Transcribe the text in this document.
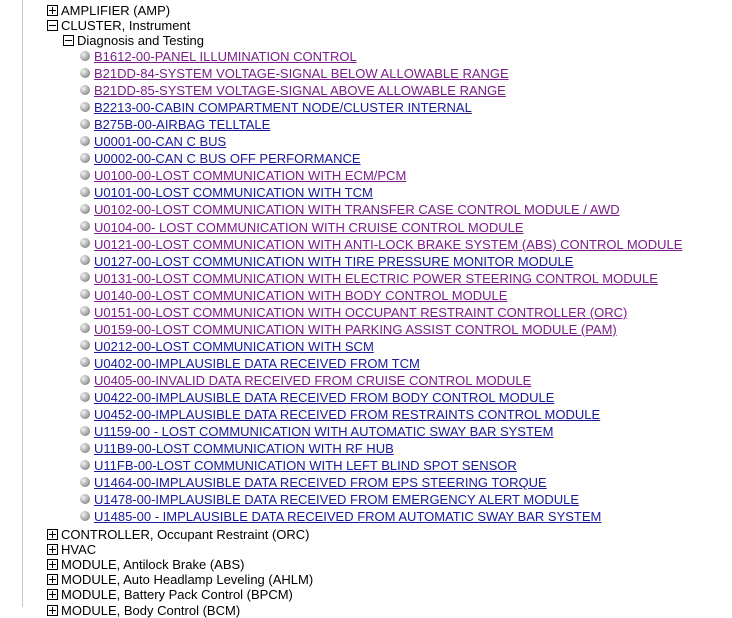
AMPLIFIER (AMP)
CLUSTER, Instrument
Diagnosis and Testing
B1612-00-PANEL ILLUMINATION CONTROL
B21DD-84-SYSTEM VOLTAGE-SIGNAL BELOW ALLOWABLE RANGE
B21DD-85-SYSTEM VOLTAGE-SIGNAL ABOVE ALLOWABLE RANGE
B2213-00-CABIN COMPARTMENT NODE/CLUSTER INTERNAL
B275B-00-AIRBAG TELLTALE
U0001-00-CAN C BUS
U0002-00-CAN C BUS OFF PERFORMANCE
U0100-00-LOST COMMUNICATION WITH ECM/PCM
U0101-00-LOST COMMUNICATION WITH TCM
U0102-00-LOST COMMUNICATION WITH TRANSFER CASE CONTROL MODULE / AWD
U0104-00- LOST COMMUNICATION WITH CRUISE CONTROL MODULE
U0121-00-LOST COMMUNICATION WITH ANTI-LOCK BRAKE SYSTEM (ABS) CONTROL MODULE
U0127-00-LOST COMMUNICATION WITH TIRE PRESSURE MONITOR MODULE
U0131-00-LOST COMMUNICATION WITH ELECTRIC POWER STEERING CONTROL MODULE
U0140-00-LOST COMMUNICATION WITH BODY CONTROL MODULE
U0151-00-LOST COMMUNICATION WITH OCCUPANT RESTRAINT CONTROLLER (ORC)
U0159-00-LOST COMMUNICATION WITH PARKING ASSIST CONTROL MODULE (PAM)
U0212-00-LOST COMMUNICATION WITH SCM
U0402-00-IMPLAUSIBLE DATA RECEIVED FROM TCM
U0405-00-INVALID DATA RECEIVED FROM CRUISE CONTROL MODULE
U0422-00-IMPLAUSIBLE DATA RECEIVED FROM BODY CONTROL MODULE
U0452-00-IMPLAUSIBLE DATA RECEIVED FROM RESTRAINTS CONTROL MODULE
U1159-00 - LOST COMMUNICATION WITH AUTOMATIC SWAY BAR SYSTEM
U11B9-00-LOST COMMUNICATION WITH RF HUB
U11FB-00-LOST COMMUNICATION WITH LEFT BLIND SPOT SENSOR
U1464-00-IMPLAUSIBLE DATA RECEIVED FROM EPS STEERING TORQUE
U1478-00-IMPLAUSIBLE DATA RECEIVED FROM EMERGENCY ALERT MODULE
U1485-00 - IMPLAUSIBLE DATA RECEIVED FROM AUTOMATIC SWAY BAR SYSTEM
CONTROLLER, Occupant Restraint (ORC)
HVAC
MODULE, Antilock Brake (ABS)
MODULE, Auto Headlamp Leveling (AHLM)
MODULE, Battery Pack Control (BPCM)
MODULE, Body Control (BCM)
